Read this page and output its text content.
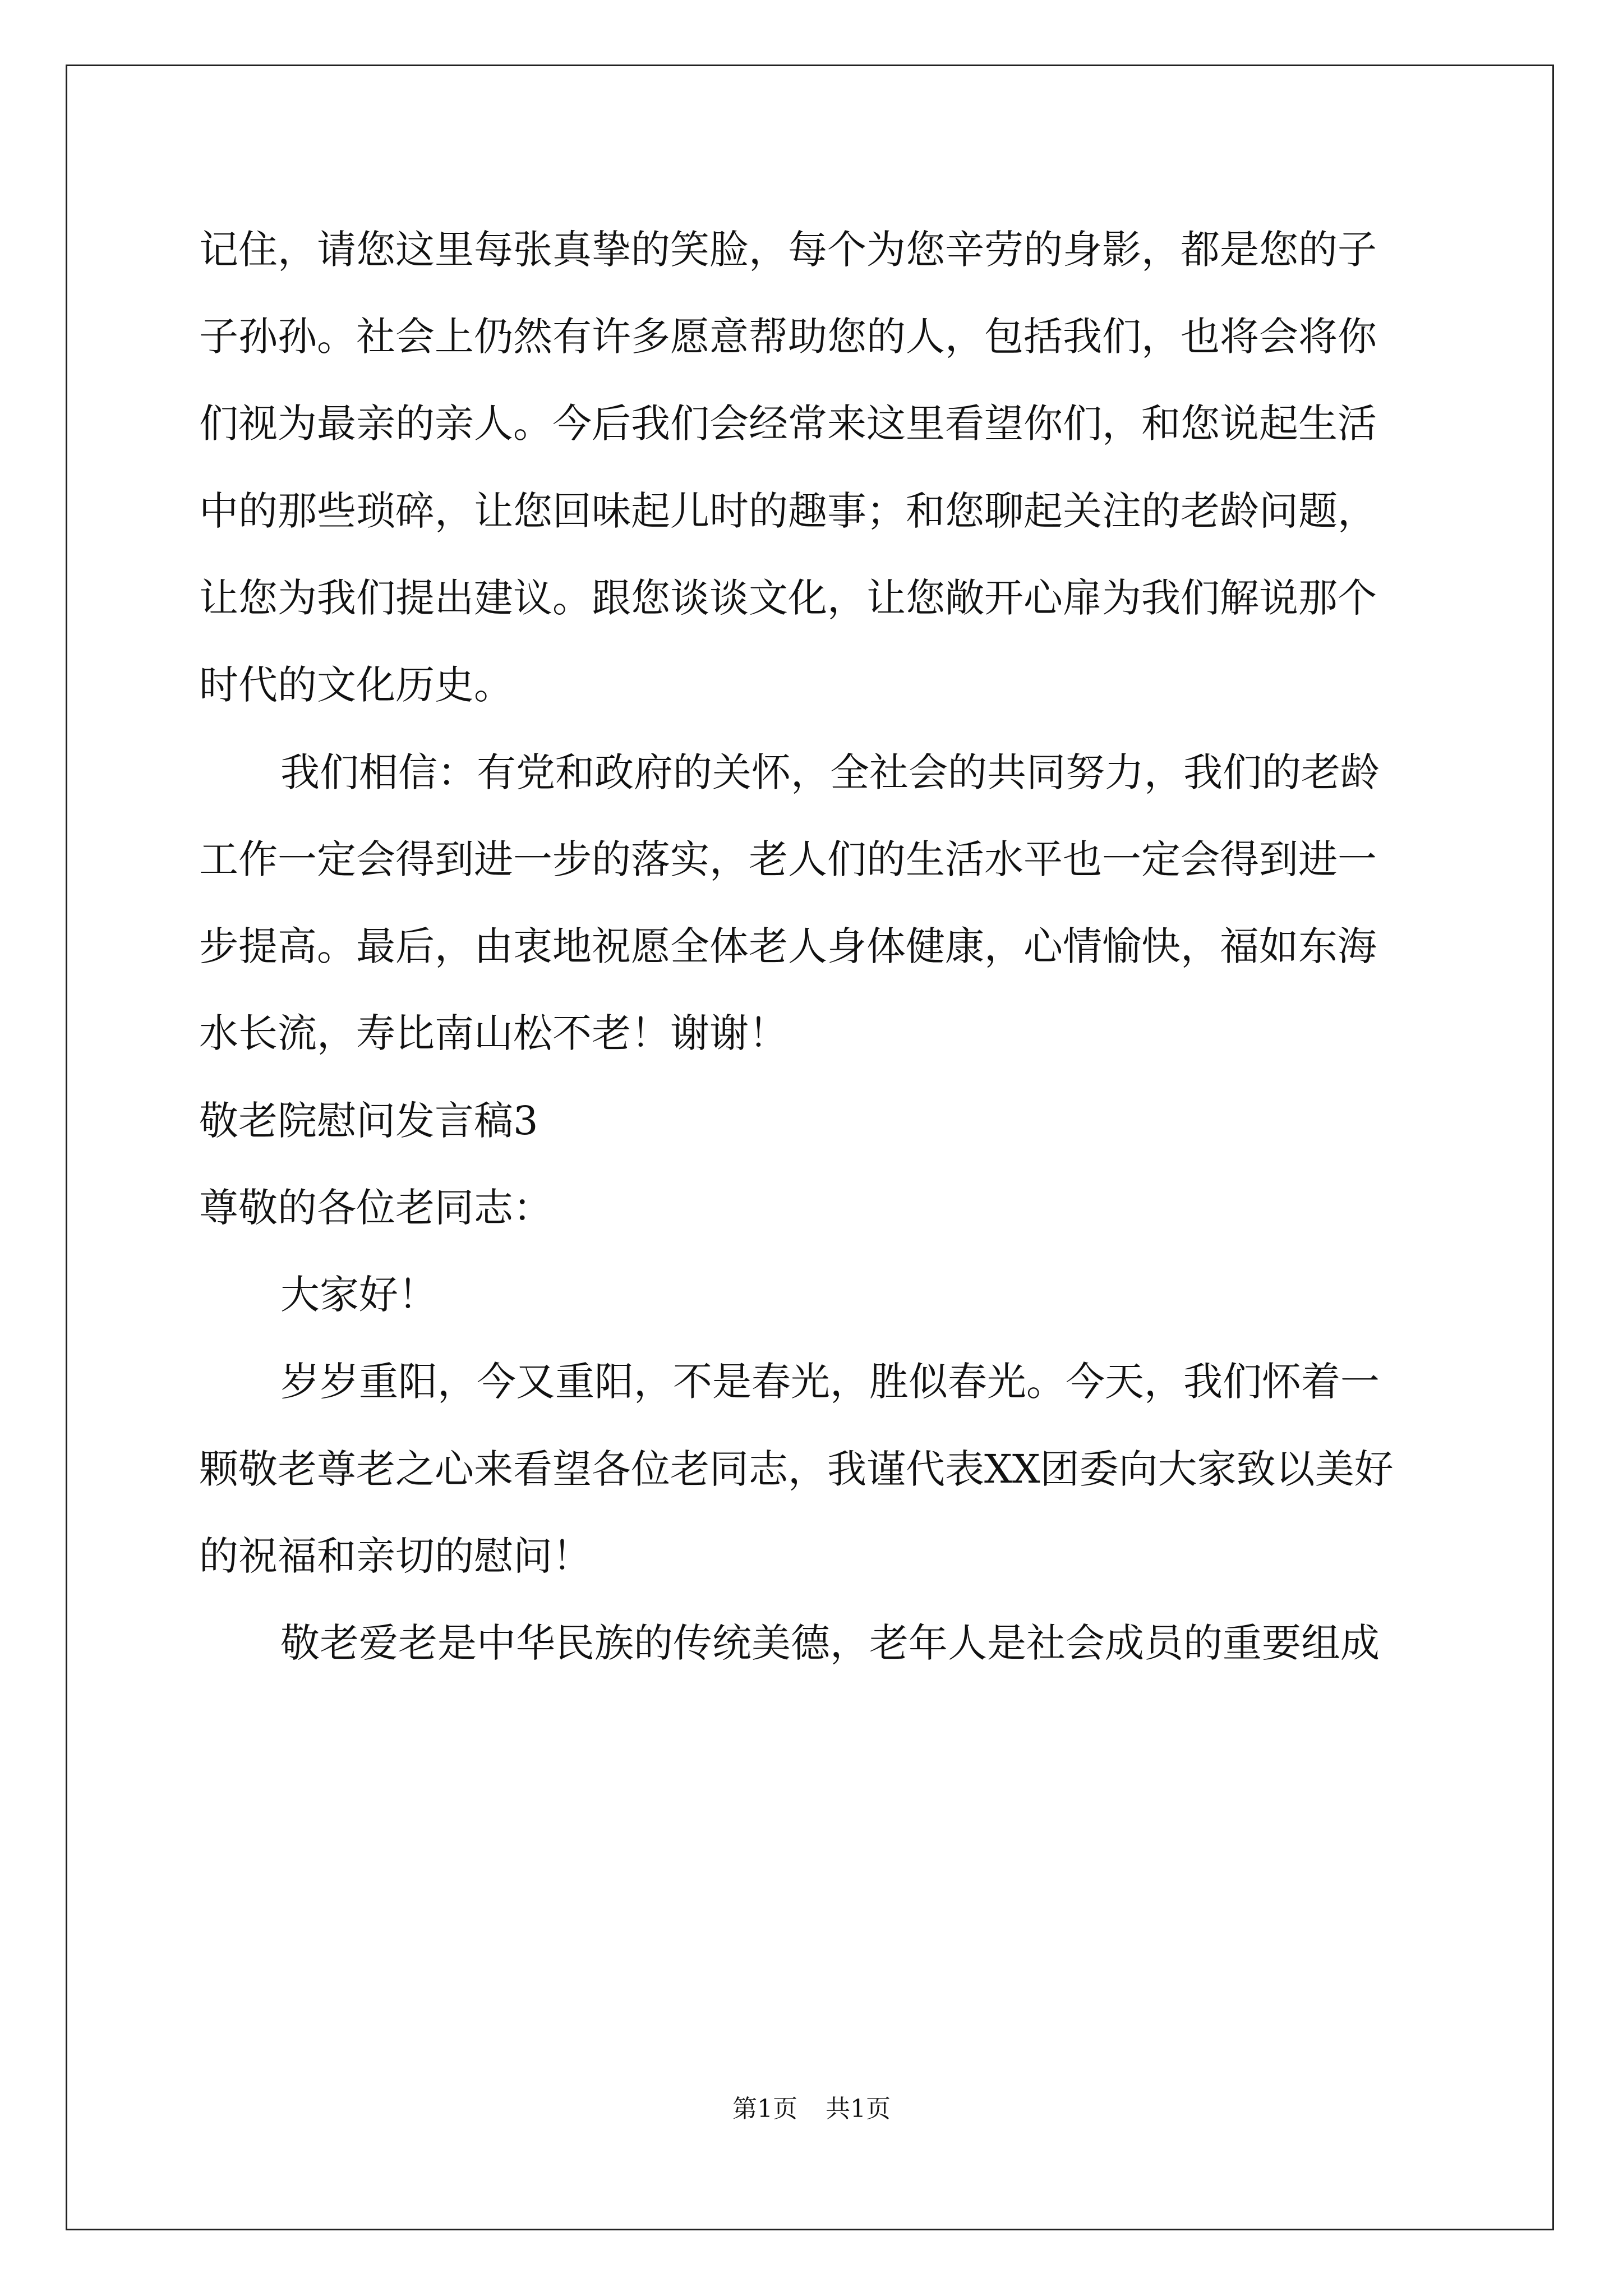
记住，请您这里每张真挚的笑脸，每个为您辛劳的身影，都是您的子
子孙孙。社会上仍然有许多愿意帮助您的人，包括我们，也将会将你
们视为最亲的亲人。今后我们会经常来这里看望你们，和您说起生活
中的那些琐碎，让您回味起儿时的趣事；和您聊起关注的老龄问题，
让您为我们提出建议。跟您谈谈文化，让您敞开心扉为我们解说那个
时代的文化历史。
我们相信：有党和政府的关怀，全社会的共同努力，我们的老龄
工作一定会得到进一步的落实，老人们的生活水平也一定会得到进一
步提高。最后，由衷地祝愿全体老人身体健康，心情愉快，福如东海
水长流，寿比南山松不老！谢谢！
敬老院慰问发言稿3
尊敬的各位老同志：
大家好！
岁岁重阳，今又重阳，不是春光，胜似春光。今天，我们怀着一
颗敬老尊老之心来看望各位老同志，我谨代表XX团委向大家致以美好
的祝福和亲切的慰问！
敬老爱老是中华民族的传统美德，老年人是社会成员的重要组成
第1页 共1页
